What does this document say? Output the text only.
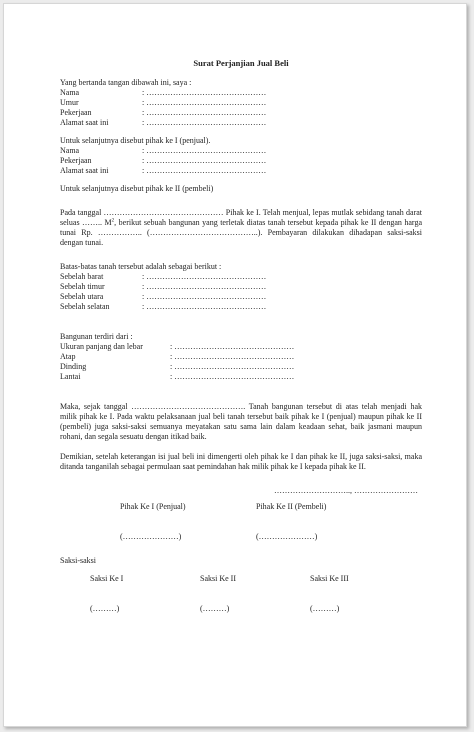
Surat Perjanjian Jual Beli

Yang bertanda tangan dibawah ini, saya :

Nama	: ………………………………………
Umur	: ………………………………………
Pekerjaan	: ………………………………………
Alamat saat ini	: ………………………………………

Untuk selanjutnya disebut pihak ke I (penjual).

Nama	: ………………………………………
Pekerjaan	: ………………………………………
Alamat saat ini	: ………………………………………

Untuk selanjutnya disebut pihak ke II (pembeli)

Pada tanggal ……………………………………… Pihak ke I. Telah menjual, lepas mutlak sebidang tanah darat seluas …….. $M^2$, berikut sebuah bangunan yang terletak diatas tanah tersebut kepada pihak ke II dengan harga tunai Rp. …………….. (…………………………………..). Pembayaran dilakukan dihadapan saksi-saksi dengan tunai.

Batas-batas tanah tersebut adalah sebagai berikut :

Sebelah barat	: ………………………………………
Sebelah timur	: ………………………………………
Sebelah utara	: ………………………………………
Sebelah selatan	: ………………………………………

Bangunan terdiri dari :

Ukuran panjang dan lebar	: ………………………………………
Atap	: ………………………………………
Dinding	: ………………………………………
Lantai	: ………………………………………

Maka, sejak tanggal ……………………………………. Tanah bangunan tersebut di atas telah menjadi hak milik pihak ke I. Pada waktu pelaksanaan jual beli tanah tersebut baik pihak ke I (penjual) maupun pihak ke II (pembeli) juga saksi-saksi semuanya meyatakan satu sama lain dalam keadaan sehat, baik jasmani maupun rohani, dan segala sesuatu dengan itikad baik.

Demikian, setelah keterangan isi jual beli ini dimengerti oleh pihak ke I dan pihak ke II, juga saksi-saksi, maka ditanda tanganilah sebagai permulaan saat pemindahan hak milik pihak ke I kepada pihak ke II.

……………………….., ……………………
Pihak Ke I (Penjual)
(…………………)
Pihak Ke II (Pembeli)
(…………………)

Saksi-saksi

Saksi Ke I
(………)
Saksi Ke II
(………)
Saksi Ke III
(………)
